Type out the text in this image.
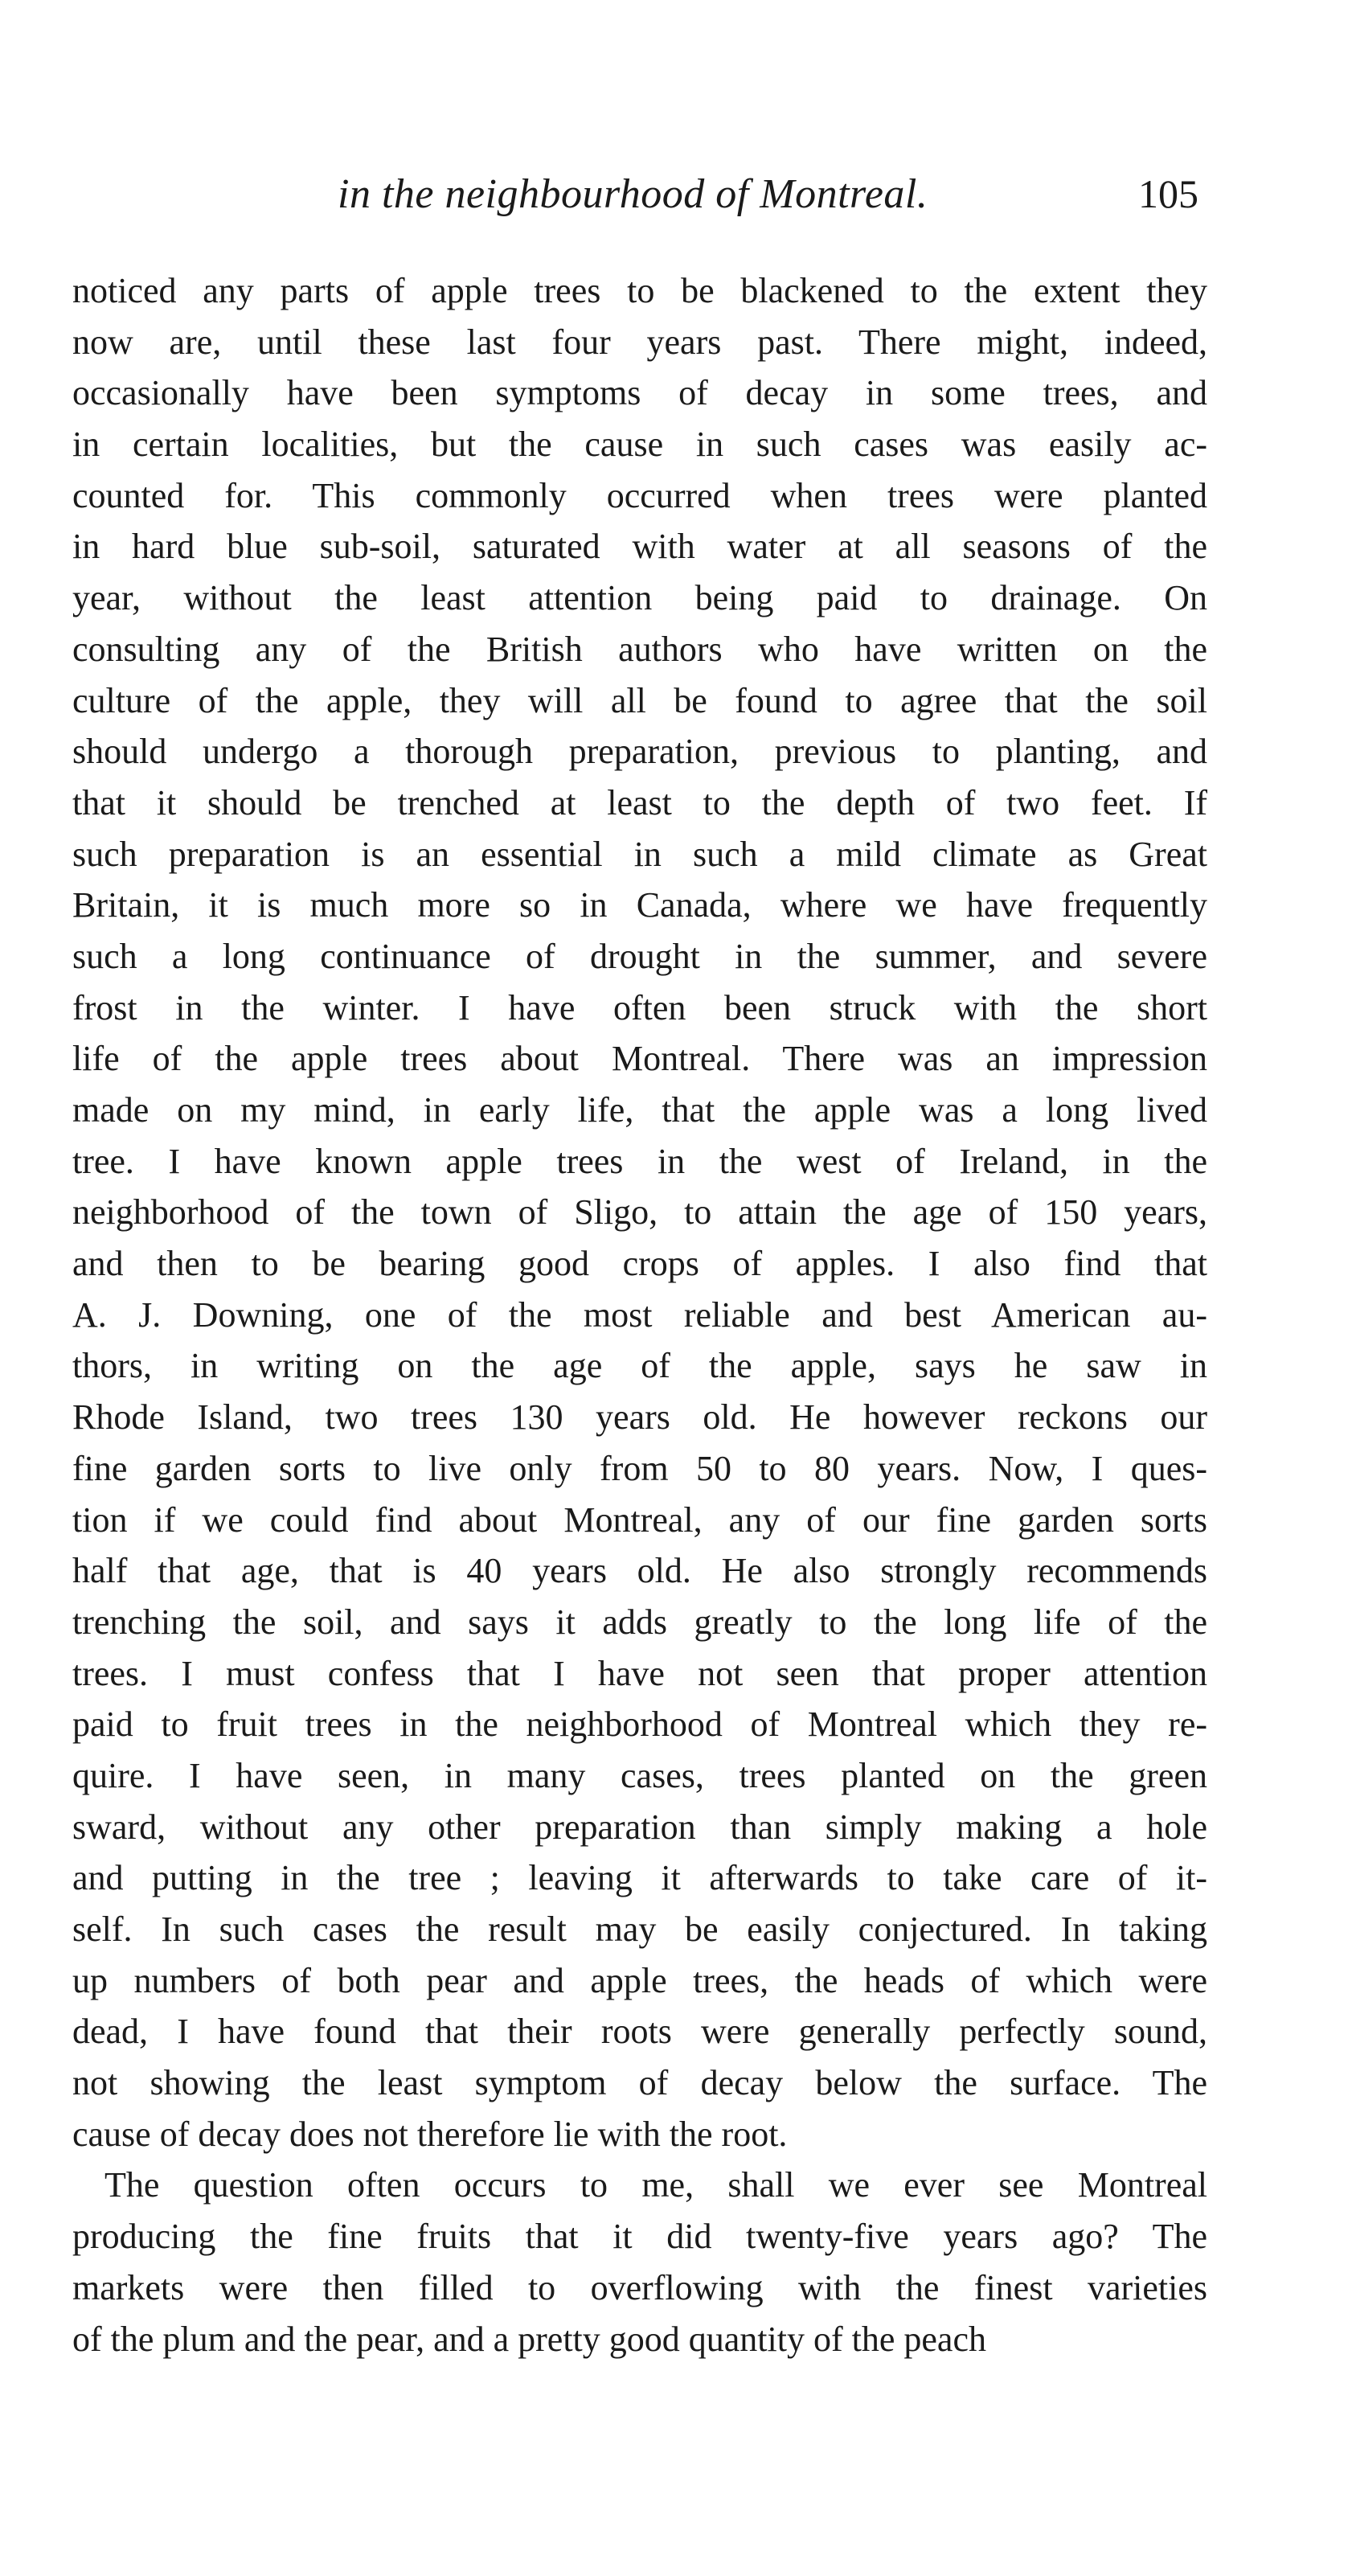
in the neighbourhood of Montreal.	105
noticed any parts of apple trees to be blackened to the extent they
now are, until these last four years past. There might, indeed,
occasionally have been symptoms of decay in some trees, and
in certain localities, but the cause in such cases was easily ac-
counted for. This commonly occurred when trees were planted
in hard blue sub-soil, saturated with water at all seasons of the
year, without the least attention being paid to drainage. On
consulting any of the British authors who have written on the
culture of the apple, they will all be found to agree that the soil
should undergo a thorough preparation, previous to planting, and
that it should be trenched at least to the depth of two feet. If
such preparation is an essential in such a mild climate as Great
Britain, it is much more so in Canada, where we have frequently
such a long continuance of drought in the summer, and severe
frost in the winter. I have often been struck with the short
life of the apple trees about Montreal. There was an impression
made on my mind, in early life, that the apple was a long lived
tree. I have known apple trees in the west of Ireland, in the
neighborhood of the town of Sligo, to attain the age of 150 years,
and then to be bearing good crops of apples. I also find that
A. J. Downing, one of the most reliable and best American au-
thors, in writing on the age of the apple, says he saw in
Rhode Island, two trees 130 years old. He however reckons our
fine garden sorts to live only from 50 to 80 years. Now, I ques-
tion if we could find about Montreal, any of our fine garden sorts
half that age, that is 40 years old. He also strongly recommends
trenching the soil, and says it adds greatly to the long life of the
trees. I must confess that I have not seen that proper attention
paid to fruit trees in the neighborhood of Montreal which they re-
quire. I have seen, in many cases, trees planted on the green
sward, without any other preparation than simply making a hole
and putting in the tree ; leaving it afterwards to take care of it-
self. In such cases the result may be easily conjectured. In taking
up numbers of both pear and apple trees, the heads of which were
dead, I have found that their roots were generally perfectly sound,
not showing the least symptom of decay below the surface. The
cause of decay does not therefore lie with the root.
The question often occurs to me, shall we ever see Montreal
producing the fine fruits that it did twenty-five years ago? The
markets were then filled to overflowing with the finest varieties
of the plum and the pear, and a pretty good quantity of the peach
